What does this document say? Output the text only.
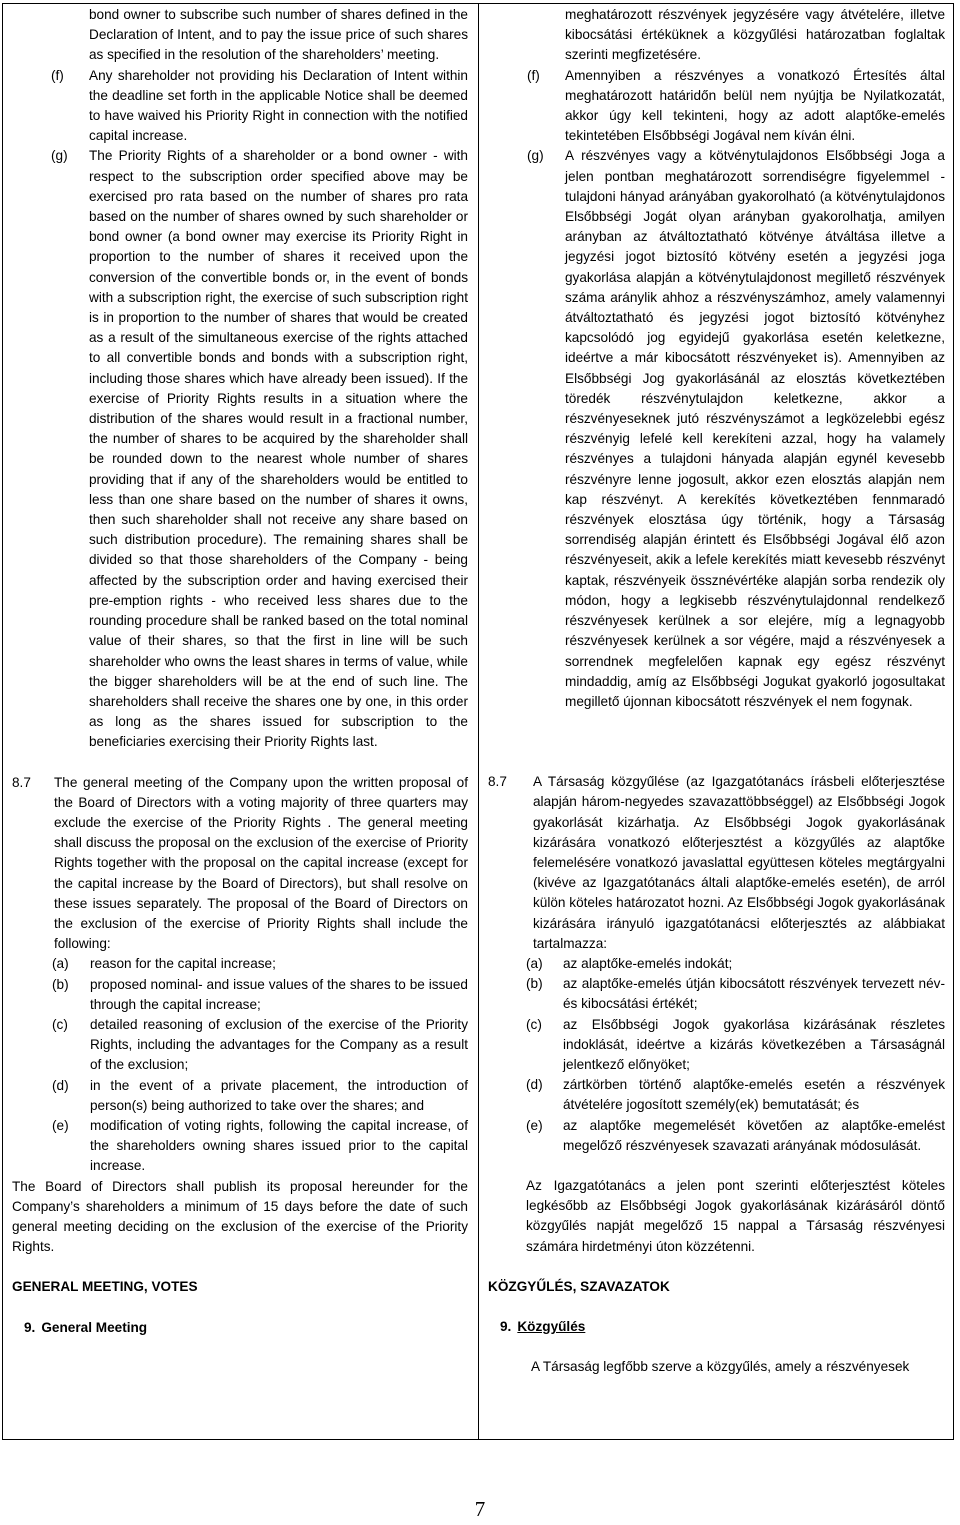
bond owner to subscribe such number of shares defined in the Declaration of Intent, and to pay the issue price of such shares as specified in the resolution of the shareholders’ meeting.

(f) Any shareholder not providing his Declaration of Intent within the deadline set forth in the applicable Notice shall be deemed to have waived his Priority Right in connection with the notified capital increase.
(g) The Priority Rights of a shareholder or a bond owner - with respect to the subscription order specified above may be exercised pro rata based on the number of shares pro rata based on the number of shares owned by such shareholder or bond owner (a bond owner may exercise its Priority Right in proportion to the number of shares it received upon the conversion of the convertible bonds or, in the event of bonds with a subscription right, the exercise of such subscription right is in proportion to the number of shares that would be created as a result of the simultaneous exercise of the rights attached to all convertible bonds and bonds with a subscription right, including those shares which have already been issued). If the exercise of Priority Rights results in a situation where the distribution of the shares would result in a fractional number, the number of shares to be acquired by the shareholder shall be rounded down to the nearest whole number of shares providing that if any of the shareholders would be entitled to less than one share based on the number of shares it owns, then such shareholder shall not receive any share based on such distribution procedure). The remaining shares shall be divided so that those shareholders of the Company - being affected by the subscription order and having exercised their pre-emption rights - who received less shares due to the rounding procedure shall be ranked based on the total nominal value of their shares, so that the first in line will be such shareholder who owns the least shares in terms of value, while the bigger shareholders will be at the end of such line. The shareholders shall receive the shares one by one, in this order as long as the shares issued for subscription to the beneficiaries exercising their Priority Rights last.
8.7 The general meeting of the Company upon the written proposal of the Board of Directors with a voting majority of three quarters may exclude the exercise of the Priority Rights . The general meeting shall discuss the proposal on the exclusion of the exercise of Priority Rights together with the proposal on the capital increase (except for the capital increase by the Board of Directors), but shall resolve on these issues separately. The proposal of the Board of Directors on the exclusion of the exercise of Priority Rights shall include the following:
(a) reason for the capital increase;
(b) proposed nominal- and issue values of the shares to be issued through the capital increase;
(c) detailed reasoning of exclusion of the exercise of the Priority Rights, including the advantages for the Company as a result of the exclusion;
(d) in the event of a private placement, the introduction of person(s) being authorized to take over the shares; and
(e) modification of voting rights, following the capital increase, of the shareholders owning shares issued prior to the capital increase.

The Board of Directors shall publish its proposal hereunder for the Company’s shareholders a minimum of 15 days before the date of such general meeting deciding on the exclusion of the exercise of the Priority Rights.

GENERAL MEETING, VOTES

9. General Meeting

meghatározott részvények jegyzésére vagy átvételére, illetve kibocsátási értéküknek a közgyűlési határozatban foglaltak szerinti megfizetésére.

(f) Amennyiben a részvényes a vonatkozó Értesítés által meghatározott határidőn belül nem nyújtja be Nyilatkozatát, akkor úgy kell tekinteni, hogy az adott alaptőke-emelés tekintetében Elsőbbségi Jogával nem kíván élni.
(g) A részvényes vagy a kötvénytulajdonos Elsőbbségi Joga a jelen pontban meghatározott sorrendiségre figyelemmel - tulajdoni hányad arányában gyakorolható (a kötvénytulajdonos Elsőbbségi Jogát olyan arányban gyakorolhatja, amilyen arányban az átváltoztatható kötvénye átváltása illetve a jegyzési jogot biztosító kötvény esetén a jegyzési joga gyakorlása alapján a kötvénytulajdonost megillető részvények száma aránylik ahhoz a részvényszámhoz, amely valamennyi átváltoztatható és jegyzési jogot biztosító kötvényhez kapcsolódó jog egyidejű gyakorlása esetén keletkezne, ideértve a már kibocsátott részvényeket is). Amennyiben az Elsőbbségi Jog gyakorlásánál az elosztás következtében töredék részvénytulajdon keletkezne, akkor a részvényeseknek jutó részvényszámot a legközelebbi egész részvényig lefelé kell kerekíteni azzal, hogy ha valamely részvényes a tulajdoni hányada alapján egynél kevesebb részvényre lenne jogosult, akkor ezen elosztás alapján nem kap részvényt. A kerekítés következtében fennmaradó részvények elosztása úgy történik, hogy a Társaság sorrendiség alapján érintett és Elsőbbségi Jogával élő azon részvényeseit, akik a lefele kerekítés miatt kevesebb részvényt kaptak, részvényeik össznévértéke alapján sorba rendezik oly módon, hogy a legkisebb részvénytulajdonnal rendelkező részvényesek kerülnek a sor elejére, míg a legnagyobb részvényesek kerülnek a sor végére, majd a részvényesek a sorrendnek megfelelően kapnak egy egész részvényt mindaddig, amíg az Elsőbbségi Jogukat gyakorló jogosultakat megillető újonnan kibocsátott részvények el nem fogynak.
8.7 A Társaság közgyűlése (az Igazgatótanács írásbeli előterjesztése alapján három-negyedes szavazattöbbséggel) az Elsőbbségi Jogok gyakorlását kizárhatja. Az Elsőbbségi Jogok gyakorlásának kizárására vonatkozó előterjesztést a közgyűlés az alaptőke felemelésére vonatkozó javaslattal együttesen köteles megtárgyalni (kivéve az Igazgatótanács általi alaptőke-emelés esetén), de arról külön köteles határozatot hozni. Az Elsőbbségi Jogok gyakorlásának kizárására irányuló igazgatótanácsi előterjesztés az alábbiakat tartalmazza:
(a) az alaptőke-emelés indokát;
(b) az alaptőke-emelés útján kibocsátott részvények tervezett név- és kibocsátási értékét;
(c) az Elsőbbségi Jogok gyakorlása kizárásának részletes indoklását, ideértve a kizárás következében a Társaságnál jelentkező előnyöket;
(d) zártkörben történő alaptőke-emelés esetén a részvények átvételére jogosított személy(ek) bemutatását; és
(e) az alaptőke megemelését követően az alaptőke-emelést megelőző részvényesek szavazati arányának módosulását.

Az Igazgatótanács a jelen pont szerinti előterjesztést köteles legkésőbb az Elsőbbségi Jogok gyakorlásának kizárásáról döntő közgyűlés napját megelőző 15 nappal a Társaság részvényesi számára hirdetményi úton közzétenni.

KÖZGYŰLÉS, SZAVAZATOK

9. Közgyűlés

A Társaság legfőbb szerve a közgyűlés, amely a részvényesek

7
